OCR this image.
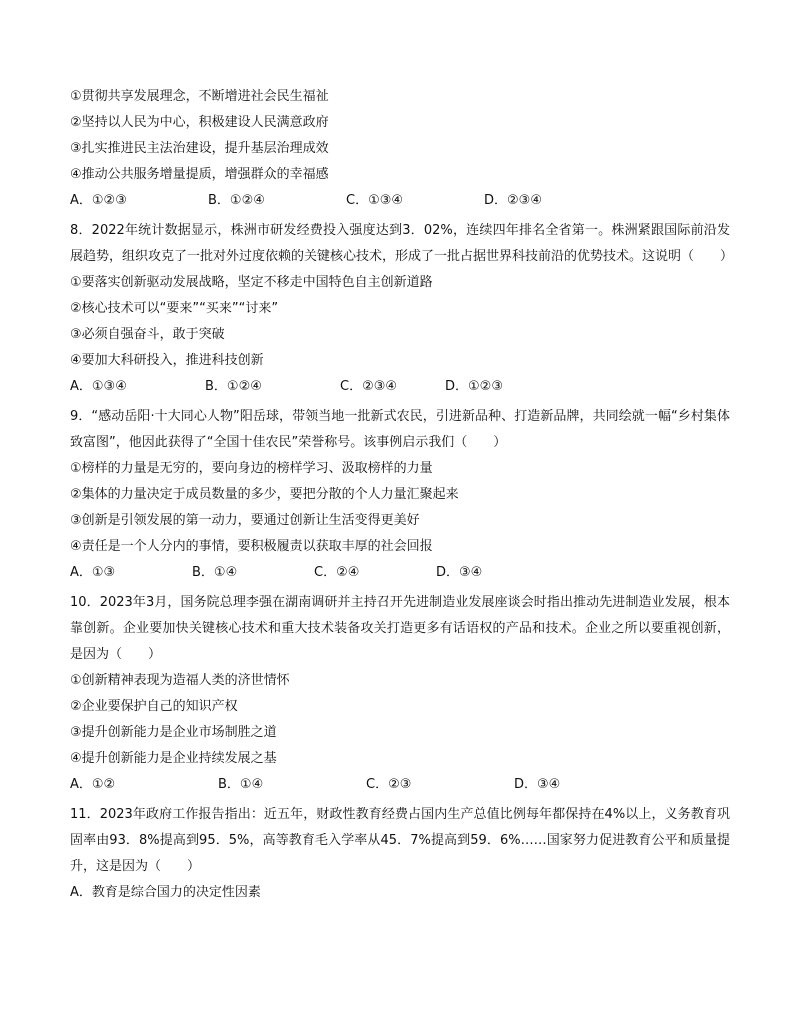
①贯彻共享发展理念，不断增进社会民生福祉
②坚持以人民为中心，积极建设人民满意政府
③扎实推进民主法治建设，提升基层治理成效
④推动公共服务增量提质，增强群众的幸福感
A．①②③	B．①②④	C．①③④	D．②③④
8．2022年统计数据显示，株洲市研发经费投入强度达到3．02%，连续四年排名全省第一。株洲紧跟国际前沿发展趋势，组织攻克了一批对外过度依赖的关键核心技术，形成了一批占据世界科技前沿的优势技术。这说明（　　）
①要落实创新驱动发展战略，坚定不移走中国特色自主创新道路
②核心技术可以“要来”“买来”“讨来”
③必须自强奋斗，敢于突破
④要加大科研投入，推进科技创新
A．①③④	B．①②④	C．②③④	D．①②③
9．“感动岳阳·十大同心人物”阳岳球，带领当地一批新式农民，引进新品种、打造新品牌，共同绘就一幅“乡村集体致富图”，他因此获得了“全国十佳农民”荣誉称号。该事例启示我们（　　）
①榜样的力量是无穷的，要向身边的榜样学习、汲取榜样的力量
②集体的力量决定于成员数量的多少，要把分散的个人力量汇聚起来
③创新是引领发展的第一动力，要通过创新让生活变得更美好
④责任是一个人分内的事情，要积极履责以获取丰厚的社会回报
A．①③	B．①④	C．②④	D．③④
10．2023年3月，国务院总理李强在湖南调研并主持召开先进制造业发展座谈会时指出推动先进制造业发展，根本靠创新。企业要加快关键核心技术和重大技术装备攻关打造更多有话语权的产品和技术。企业之所以要重视创新，是因为（　　）
①创新精神表现为造福人类的济世情怀
②企业要保护自己的知识产权
③提升创新能力是企业市场制胜之道
④提升创新能力是企业持续发展之基
A．①②	B．①④	C．②③	D．③④
11．2023年政府工作报告指出：近五年，财政性教育经费占国内生产总值比例每年都保持在4%以上，义务教育巩固率由93．8%提高到95．5%，高等教育毛入学率从45．7%提高到59．6%……国家努力促进教育公平和质量提升，这是因为（　　）
A．教育是综合国力的决定性因素
